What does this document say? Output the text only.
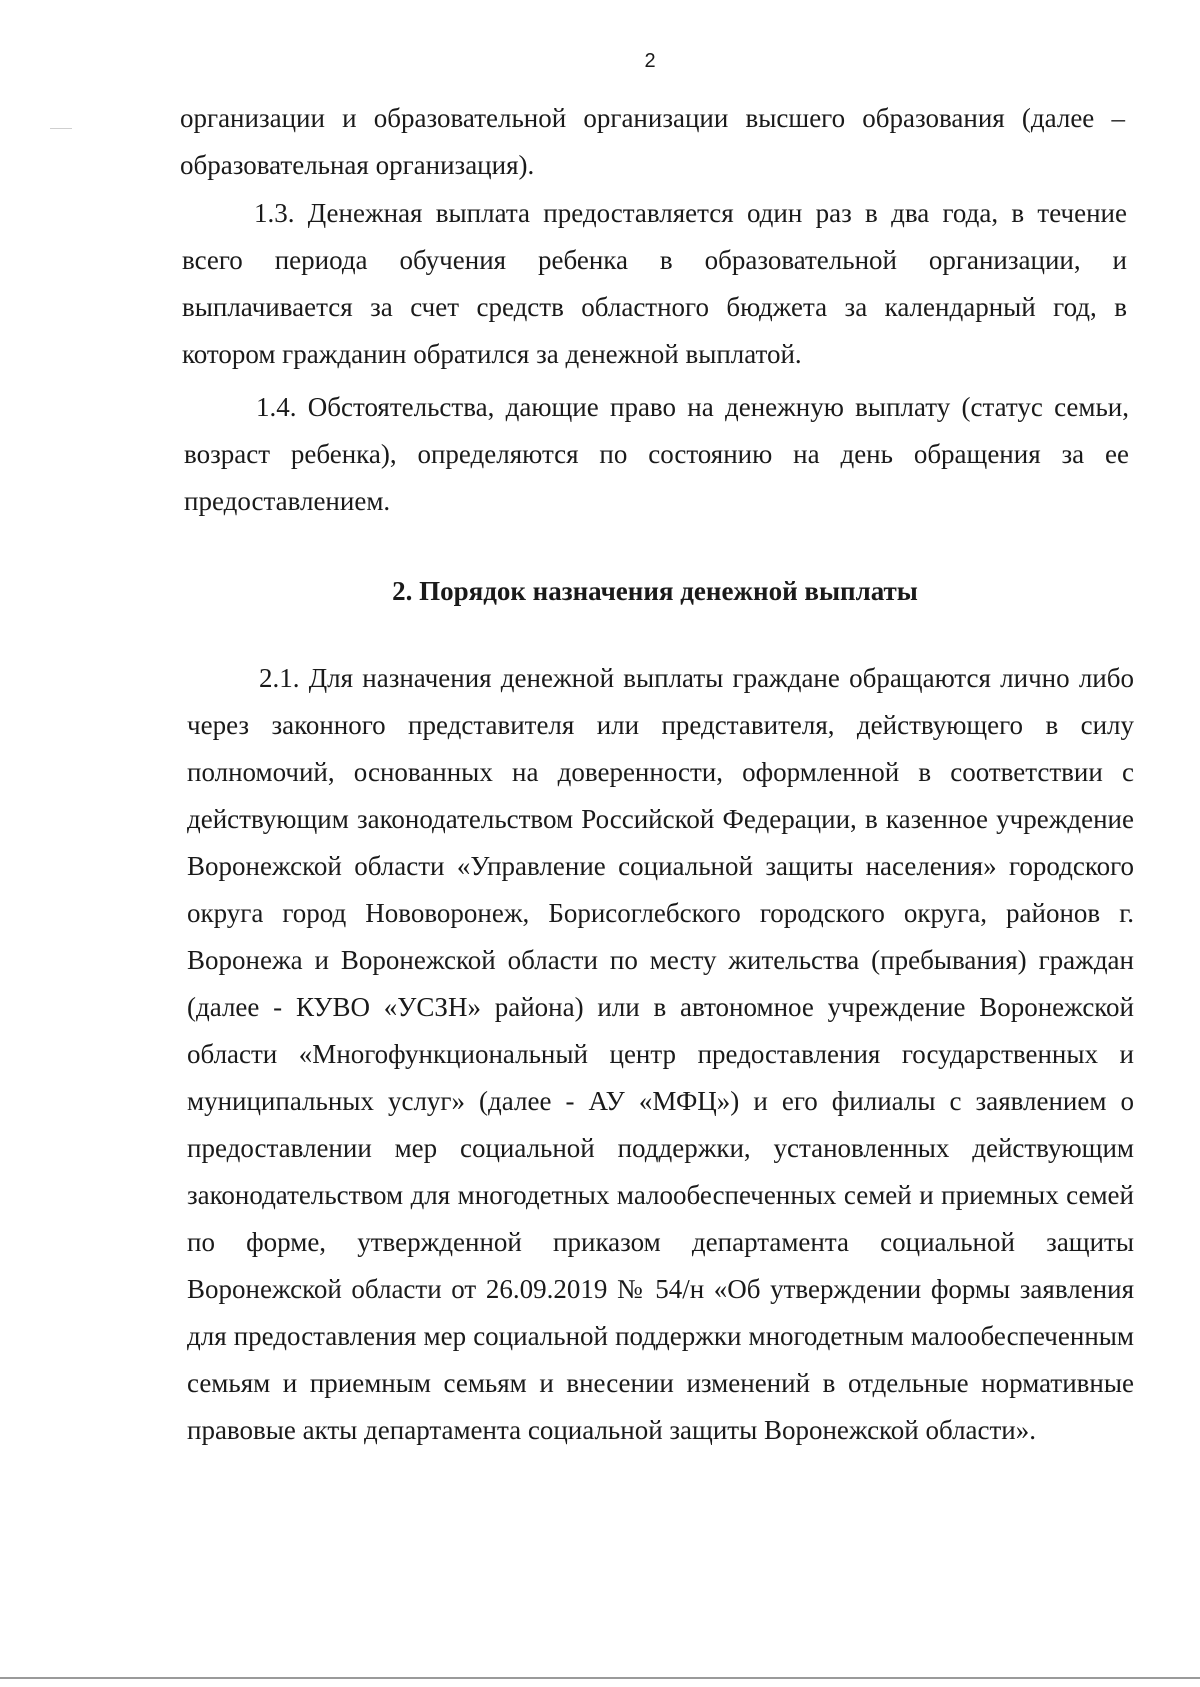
2
организации и образовательной организации высшего образования (далее – образовательная организация).
1.3. Денежная выплата предоставляется один раз в два года, в течение всего периода обучения ребенка в образовательной организации, и выплачивается за счет средств областного бюджета за календарный год, в котором гражданин обратился за денежной выплатой.
1.4. Обстоятельства, дающие право на денежную выплату (статус семьи, возраст ребенка), определяются по состоянию на день обращения за ее предоставлением.
2. Порядок назначения денежной выплаты
2.1. Для назначения денежной выплаты граждане обращаются лично либо через законного представителя или представителя, действующего в силу полномочий, основанных на доверенности, оформленной в соответствии с действующим законодательством Российской Федерации, в казенное учреждение Воронежской области «Управление социальной защиты населения» городского округа город Нововоронеж, Борисоглебского городского округа, районов г. Воронежа и Воронежской области по месту жительства (пребывания) граждан (далее - КУВО «УСЗН» района) или в автономное учреждение Воронежской области «Многофункциональный центр предоставления государственных и муниципальных услуг» (далее - АУ «МФЦ») и его филиалы с заявлением о предоставлении мер социальной поддержки, установленных действующим законодательством для многодетных малообеспеченных семей и приемных семей по форме, утвержденной приказом департамента социальной защиты Воронежской области от 26.09.2019 № 54/н «Об утверждении формы заявления для предоставления мер социальной поддержки многодетным малообеспеченным семьям и приемным семьям и внесении изменений в отдельные нормативные правовые акты департамента социальной защиты Воронежской области».
